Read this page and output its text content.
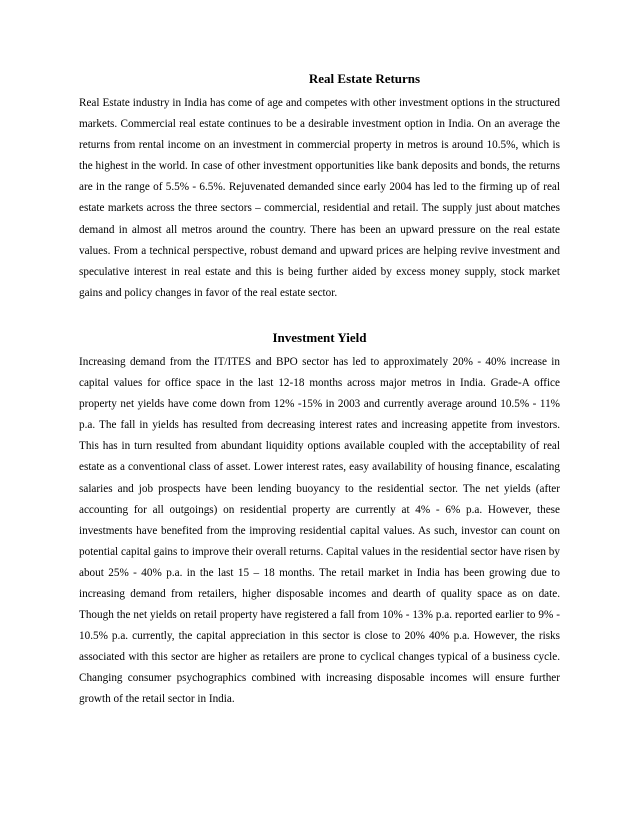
Real Estate Returns

Real Estate industry in India has come of age and competes with other investment options in the structured markets. Commercial real estate continues to be a desirable investment option in India. On an average the returns from rental income on an investment in commercial property in metros is around 10.5%, which is the highest in the world. In case of other investment opportunities like bank deposits and bonds, the returns are in the range of 5.5% - 6.5%. Rejuvenated demanded since early 2004 has led to the firming up of real estate markets across the three sectors – commercial, residential and retail. The supply just about matches demand in almost all metros around the country. There has been an upward pressure on the real estate values. From a technical perspective, robust demand and upward prices are helping revive investment and speculative interest in real estate and this is being further aided by excess money supply, stock market gains and policy changes in favor of the real estate sector.

Investment Yield

Increasing demand from the IT/ITES and BPO sector has led to approximately 20% - 40% increase in capital values for office space in the last 12-18 months across major metros in India. Grade-A office property net yields have come down from 12% -15% in 2003 and currently average around 10.5% - 11% p.a. The fall in yields has resulted from decreasing interest rates and increasing appetite from investors. This has in turn resulted from abundant liquidity options available coupled with the acceptability of real estate as a conventional class of asset. Lower interest rates, easy availability of housing finance, escalating salaries and job prospects have been lending buoyancy to the residential sector. The net yields (after accounting for all outgoings) on residential property are currently at 4% - 6% p.a. However, these investments have benefited from the improving residential capital values. As such, investor can count on potential capital gains to improve their overall returns. Capital values in the residential sector have risen by about 25% - 40% p.a. in the last 15 – 18 months. The retail market in India has been growing due to increasing demand from retailers, higher disposable incomes and dearth of quality space as on date. Though the net yields on retail property have registered a fall from 10% - 13% p.a. reported earlier to 9% - 10.5% p.a. currently, the capital appreciation in this sector is close to 20% 40% p.a. However, the risks associated with this sector are higher as retailers are prone to cyclical changes typical of a business cycle. Changing consumer psychographics combined with increasing disposable incomes will ensure further growth of the retail sector in India.
